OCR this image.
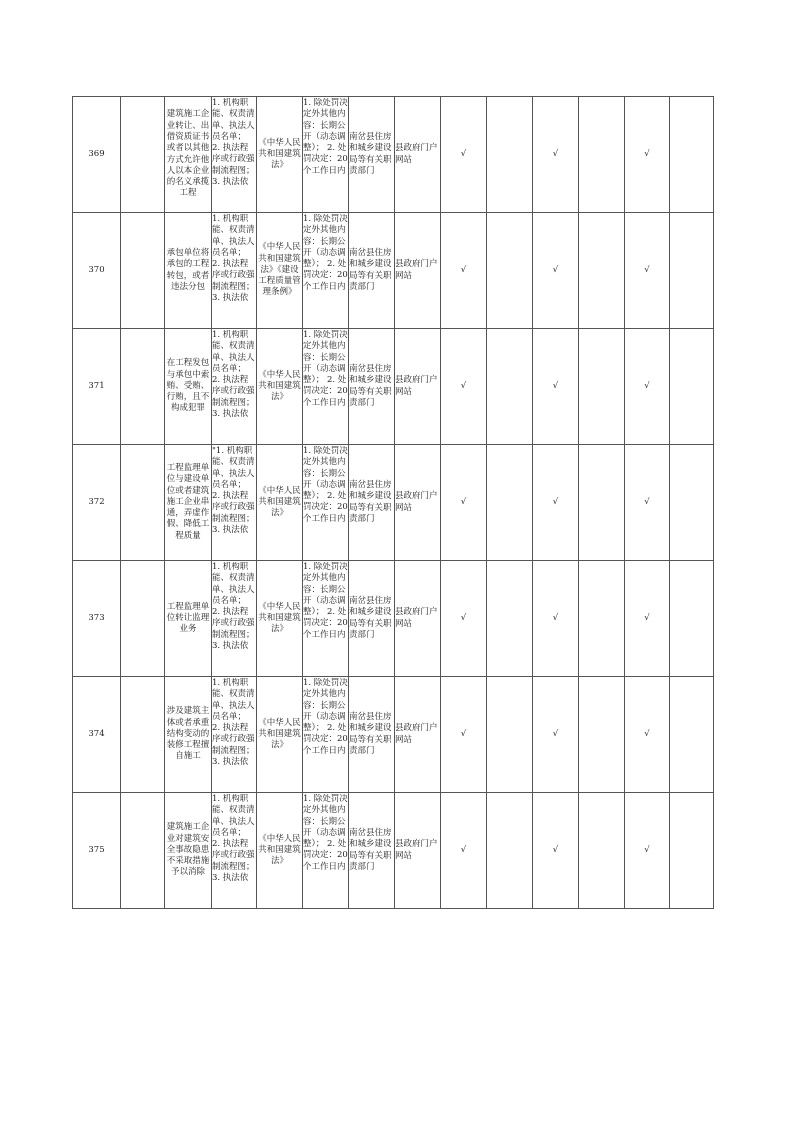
369		建筑施工企业转让、出借资质证书或者以其他方式允许他人以本企业的名义承揽工程	1. 机构职能、权责清单、执法人员名单； 2. 执法程序或行政强制流程图； 3. 执法依	《中华人民共和国建筑法》	1. 除处罚决定外其他内容：长期公开（动态调整）； 2. 处罚决定：20个工作日内	南岔县住房和城乡建设局等有关职责部门	县政府门户网站	√		√		√	
370		承包单位将承包的工程转包，或者违法分包	1. 机构职能、权责清单、执法人员名单； 2. 执法程序或行政强制流程图； 3. 执法依	《中华人民共和国建筑法》《建设工程质量管理条例》	1. 除处罚决定外其他内容：长期公开（动态调整）； 2. 处罚决定：20个工作日内	南岔县住房和城乡建设局等有关职责部门	县政府门户网站	√		√		√	
371		在工程发包与承包中索贿、受贿、行贿，且不构成犯罪	1. 机构职能、权责清单、执法人员名单； 2. 执法程序或行政强制流程图； 3. 执法依	《中华人民共和国建筑法》	1. 除处罚决定外其他内容：长期公开（动态调整）； 2. 处罚决定：20个工作日内	南岔县住房和城乡建设局等有关职责部门	县政府门户网站	√		√		√	
372		工程监理单位与建设单位或者建筑施工企业串通，弄虚作假、降低工程质量	"1. 机构职能、权责清单、执法人员名单； 2. 执法程序或行政强制流程图； 3. 执法依	《中华人民共和国建筑法》	1. 除处罚决定外其他内容：长期公开（动态调整）； 2. 处罚决定：20个工作日内	南岔县住房和城乡建设局等有关职责部门	县政府门户网站	√		√		√	
373		工程监理单位转让监理业务	1. 机构职能、权责清单、执法人员名单； 2. 执法程序或行政强制流程图； 3. 执法依	《中华人民共和国建筑法》	1. 除处罚决定外其他内容：长期公开（动态调整）； 2. 处罚决定：20个工作日内	南岔县住房和城乡建设局等有关职责部门	县政府门户网站	√		√		√	
374		涉及建筑主体或者承重结构变动的装修工程擅自施工	1. 机构职能、权责清单、执法人员名单； 2. 执法程序或行政强制流程图； 3. 执法依	《中华人民共和国建筑法》	1. 除处罚决定外其他内容：长期公开（动态调整）； 2. 处罚决定：20个工作日内	南岔县住房和城乡建设局等有关职责部门	县政府门户网站	√		√		√	
375		建筑施工企业对建筑安全事故隐患不采取措施予以消除	1. 机构职能、权责清单、执法人员名单； 2. 执法程序或行政强制流程图； 3. 执法依	《中华人民共和国建筑法》	1. 除处罚决定外其他内容：长期公开（动态调整）； 2. 处罚决定：20个工作日内	南岔县住房和城乡建设局等有关职责部门	县政府门户网站	√		√		√	
